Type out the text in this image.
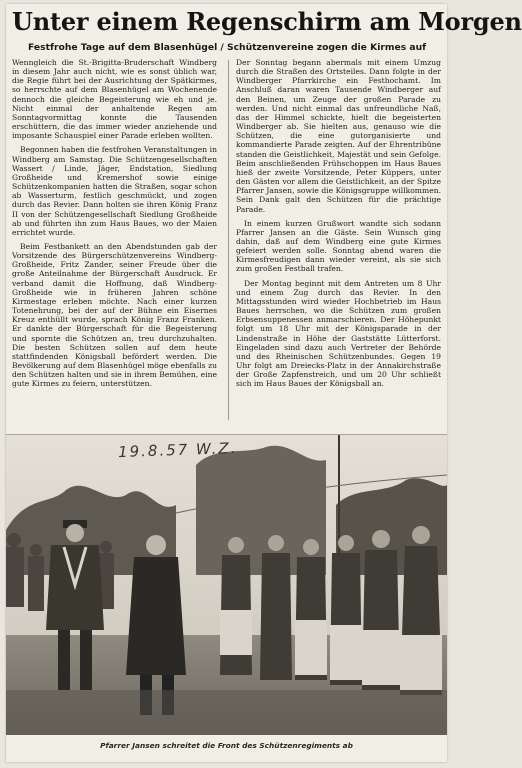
Unter einem Regenschirm am Morgen
Festfrohe Tage auf dem Blasenhügel / Schützenvereine zogen die Kirmes auf

Wenngleich die St.-Brigitta-Bruderschaft Windberg in diesem Jahr auch nicht, wie es sonst üblich war, die Regie führt bei der Ausrichtung der Spätkirmes, so herrschte auf dem Blasenhügel am Wochenende dennoch die gleiche Begeisterung wie eh und je. Nicht einmal der anhaltende Regen am Sonntagvormittag konnte die Tausenden erschüttern, die das immer wieder anziehende und imposante Schauspiel einer Parade erleben wollten.

Begonnen haben die festfrohen Veranstaltungen in Windberg am Samstag. Die Schützengesellschaften Wassert / Linde, Jäger, Endstation, Siedlung Großheide und Kremershof sowie einige Schützenkompanien hatten die Straßen, sogar schon ab Wasserturm, festlich geschmückt, und zogen durch das Revier. Dann holten sie ihren König Franz II von der Schützengesellschaft Siedlung Großheide ab und führten ihn zum Haus Baues, wo der Maien errichtet wurde.

Beim Festbankett an den Abendstunden gab der Vorsitzende des Bürgerschützenvereins Windberg-Großheide, Fritz Zander, seiner Freude über die große Anteilnahme der Bürgerschaft Ausdruck. Er verband damit die Hoffnung, daß Windberg-Großheide wie in früheren Jahren schöne Kirmestage erleben möchte. Nach einer kurzen Totenehrung, bei der auf der Bühne ein Eisernes Kreuz enthüllt wurde, sprach König Franz Franken. Er dankte der Bürgerschaft für die Begeisterung und spornte die Schützen an, treu durchzuhalten. Die besten Schützen sollen auf dem heute stattfindenden Königsball befördert werden. Die Bevölkerung auf dem Blasenhügel möge ebenfalls zu den Schützen halten und sie in ihrem Bemühen, eine gute Kirmes zu feiern, unterstützen.

Der Sonntag begann abermals mit einem Umzug durch die Straßen des Ortsteiles. Dann folgte in der Windberger Pfarrkirche ein Festhochamt. Im Anschluß daran waren Tausende Windberger auf den Beinen, um Zeuge der großen Parade zu werden. Und nicht einmal das unfreundliche Naß, das der Himmel schickte, hielt die begeisterten Windberger ab. Sie hielten aus, genauso wie die Schützen, die eine gutorganisierte und kommandierte Parade zeigten. Auf der Ehrentribüne standen die Geistlichkeit, Majestät und sein Gefolge. Beim anschließenden Frühschoppen im Haus Baues hieß der zweite Vorsitzende, Peter Küppers, unter den Gästen vor allem die Geistlichkeit, an der Spitze Pfarrer Jansen, sowie die Königsgruppe willkommen. Sein Dank galt den Schützen für die prächtige Parade.

In einem kurzen Grußwort wandte sich sodann Pfarrer Jansen an die Gäste. Sein Wunsch ging dahin, daß auf dem Windberg eine gute Kirmes gefeiert werden solle. Sonntag abend waren die Kirmesfreudigen dann wieder vereint, als sie sich zum großen Festball trafen.

Der Montag beginnt mit dem Antreten um 8 Uhr und einem Zug durch das Revier. In den Mittagsstunden wird wieder Hochbetrieb im Haus Baues herrschen, wo die Schützen zum großen Erbsensuppenessen anmarschieren. Der Höhepunkt folgt um 18 Uhr mit der Königsparade in der Lindenstraße in Höhe der Gaststätte Lütterforst. Eingeladen sind dazu auch Vertreter der Behörde und des Rheinischen Schützenbundes. Gegen 19 Uhr folgt am Dreiecks-Platz in der Annakirchstraße der Große Zapfenstreich, und um 20 Uhr schließt sich im Haus Baues der Königsball an.

19.8.57 W.Z.
Pfarrer Jansen schreitet die Front des Schützenregiments ab
